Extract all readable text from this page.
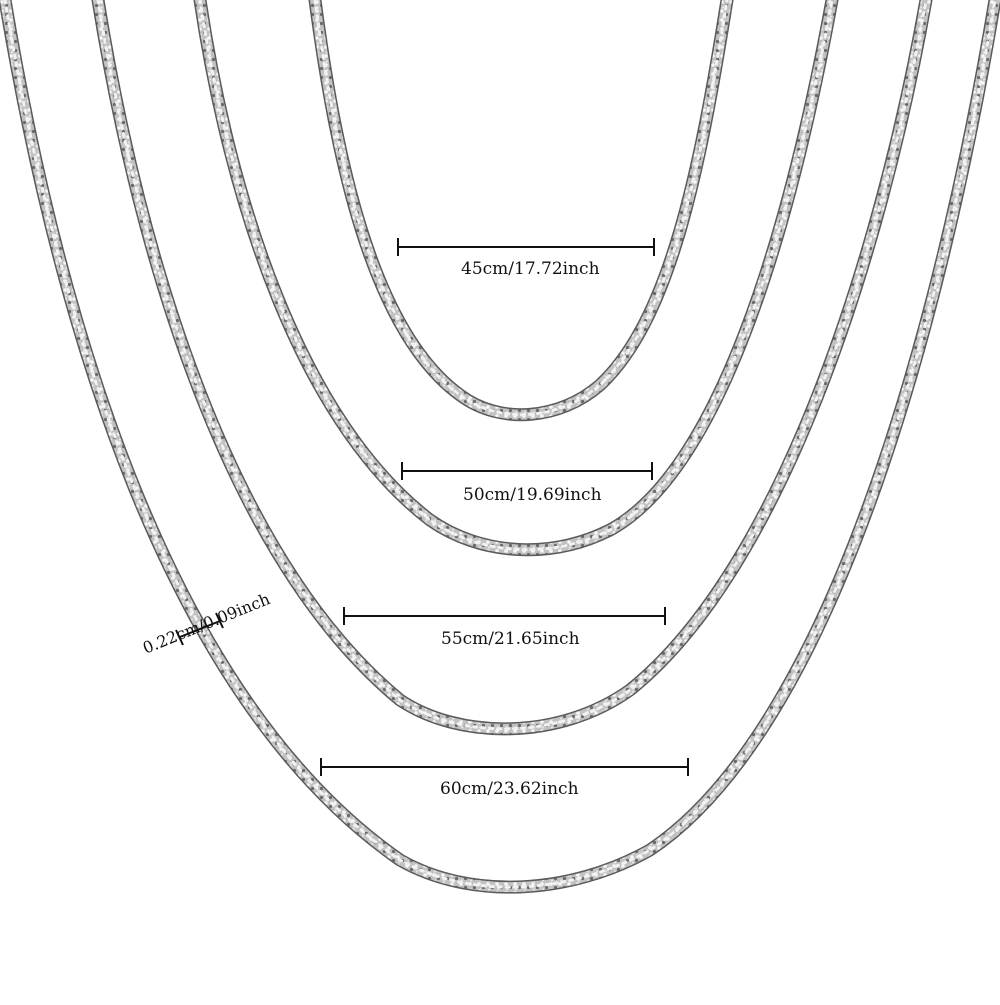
45cm/17.72inch
50cm/19.69inch
55cm/21.65inch
60cm/23.62inch
0.22cm/0.09inch
